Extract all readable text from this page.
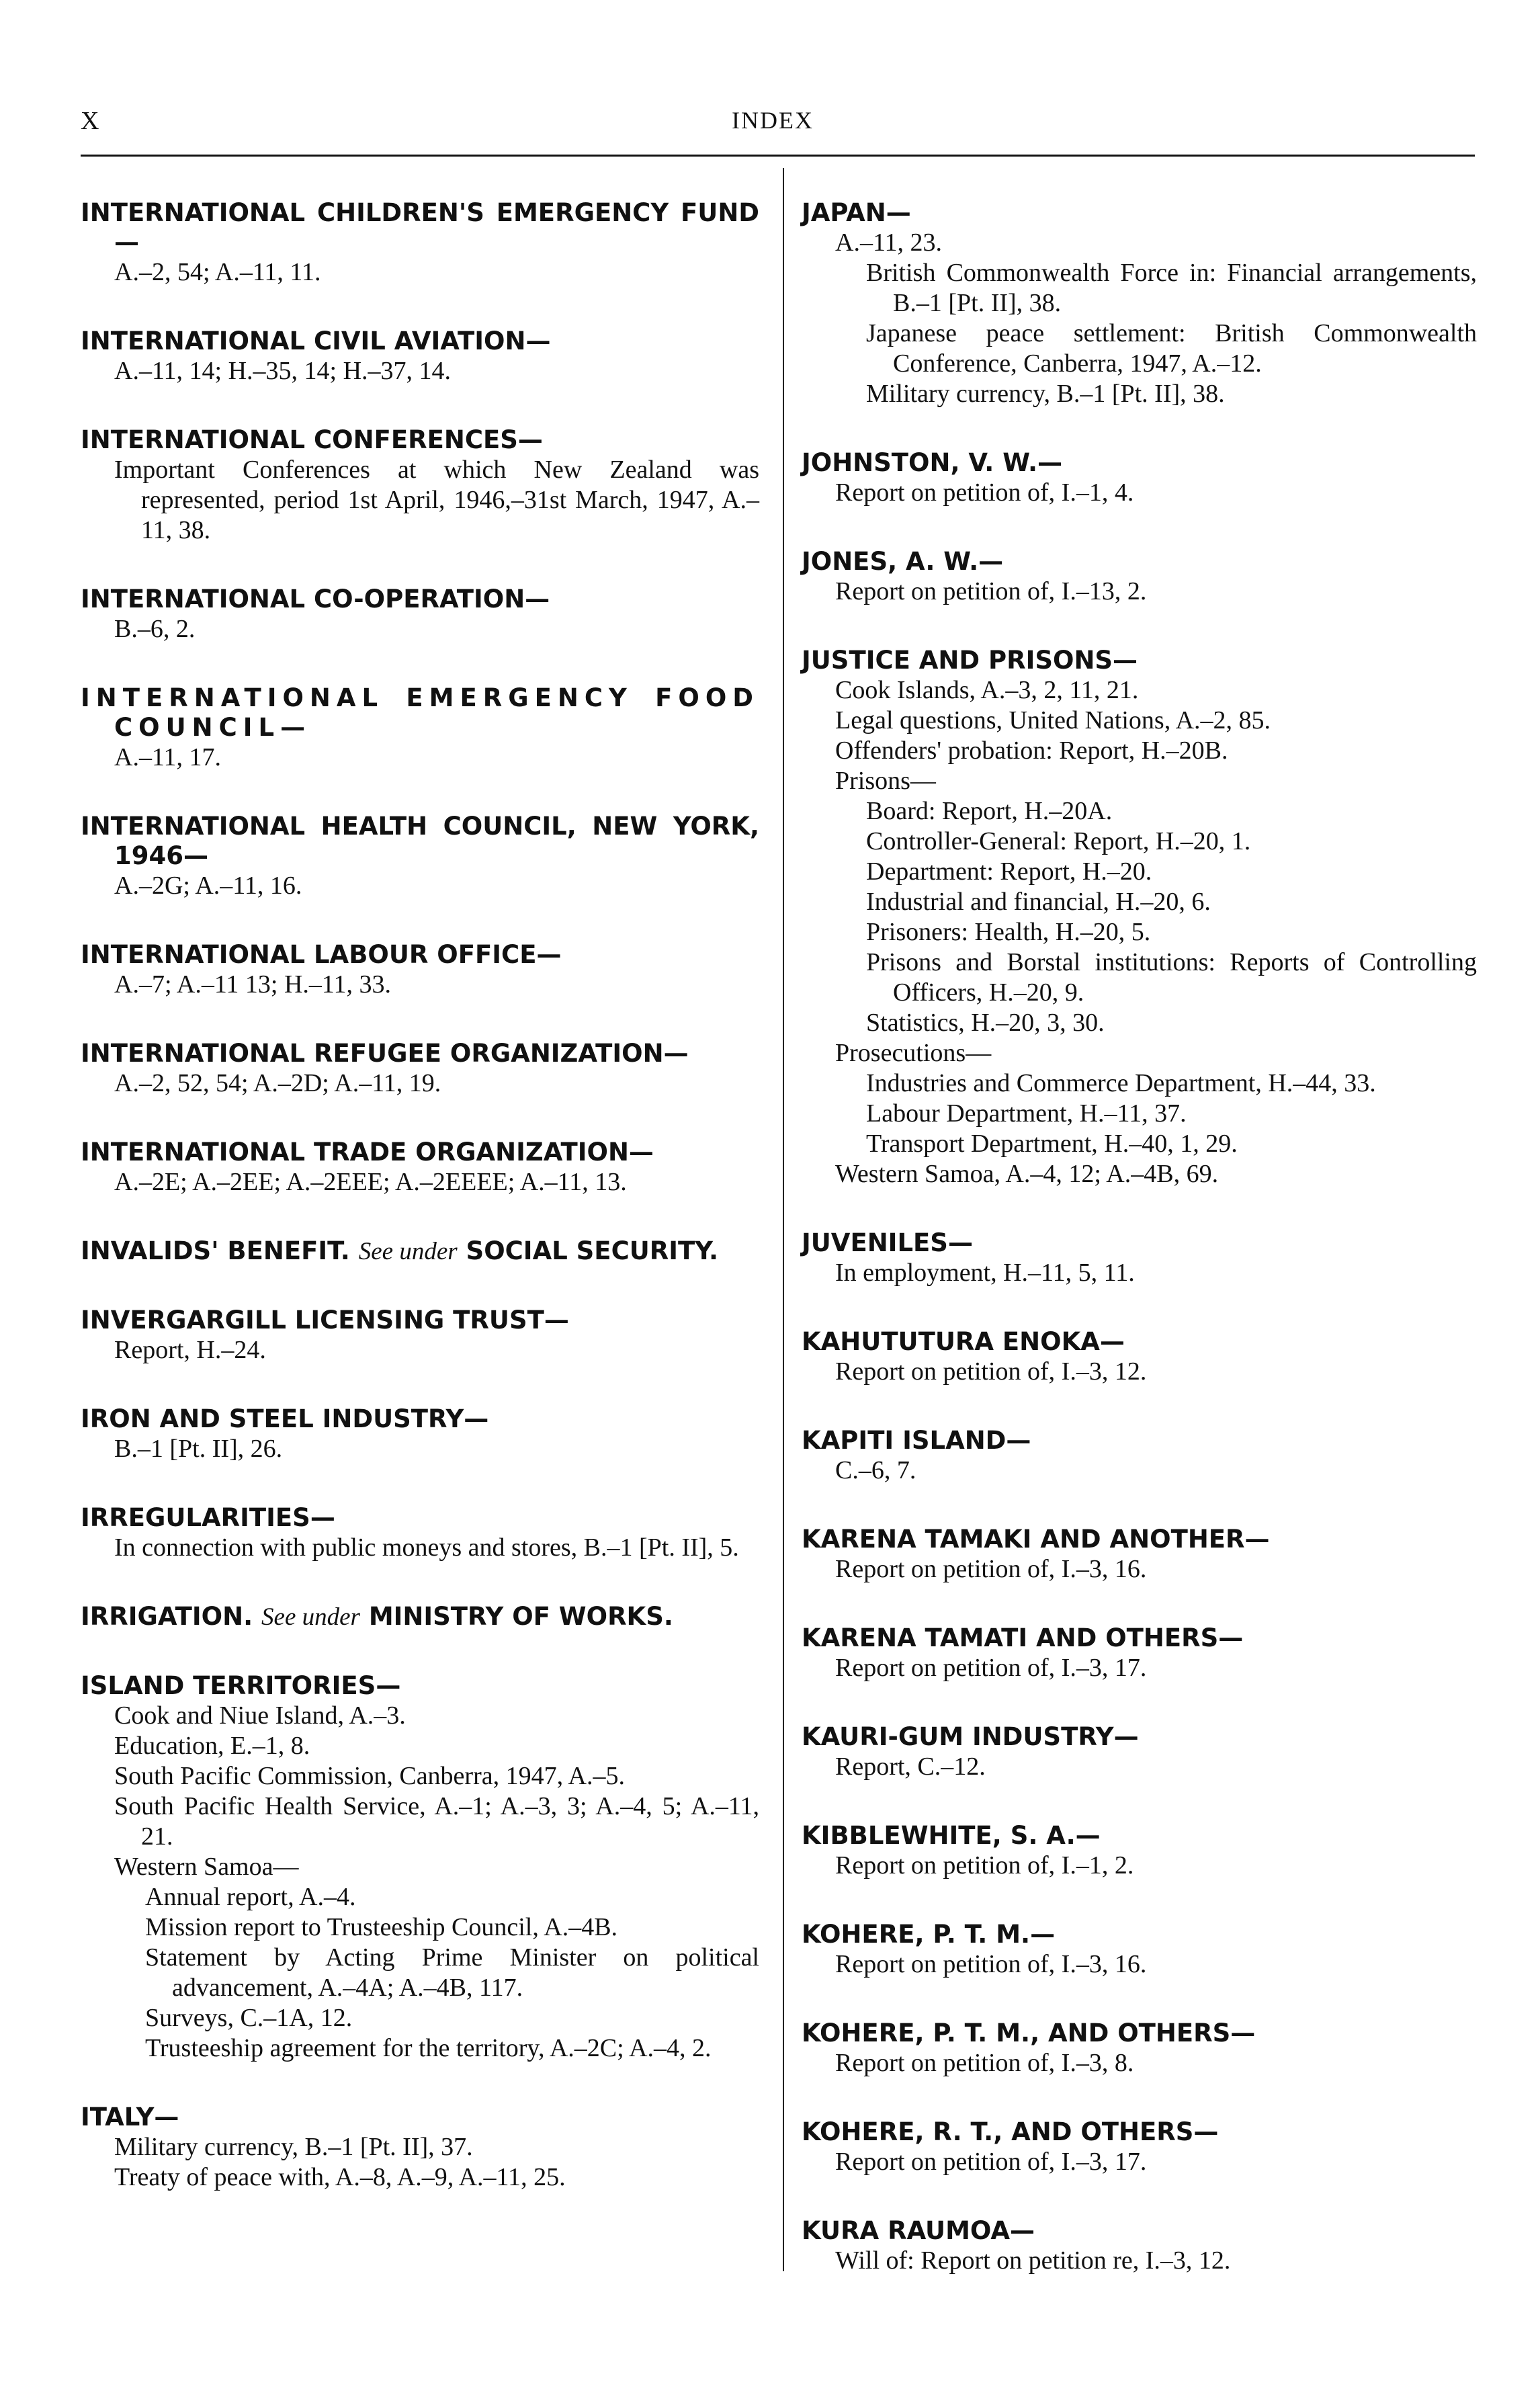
X	INDEX
INTERNATIONAL CHILDREN'S EMERGENCY FUND—
A.–2, 54; A.–11, 11.
INTERNATIONAL CIVIL AVIATION—
A.–11, 14; H.–35, 14; H.–37, 14.
INTERNATIONAL CONFERENCES—
Important Conferences at which New Zealand was represented, period 1st April, 1946,–31st March, 1947, A.–11, 38.
INTERNATIONAL CO-OPERATION—
B.–6, 2.
INTERNATIONAL EMERGENCY FOOD COUNCIL—
A.–11, 17.
INTERNATIONAL HEALTH COUNCIL, NEW YORK, 1946—
A.–2G; A.–11, 16.
INTERNATIONAL LABOUR OFFICE—
A.–7; A.–11 13; H.–11, 33.
INTERNATIONAL REFUGEE ORGANIZATION—
A.–2, 52, 54; A.–2D; A.–11, 19.
INTERNATIONAL TRADE ORGANIZATION—
A.–2E; A.–2EE; A.–2EEE; A.–2EEEE; A.–11, 13.
INVALIDS' BENEFIT. See under SOCIAL SECURITY.
INVERGARGILL LICENSING TRUST—
Report, H.–24.
IRON AND STEEL INDUSTRY—
B.–1 [Pt. II], 26.
IRREGULARITIES—
In connection with public moneys and stores, B.–1 [Pt. II], 5.
IRRIGATION. See under MINISTRY OF WORKS.
ISLAND TERRITORIES—
Cook and Niue Island, A.–3.
Education, E.–1, 8.
South Pacific Commission, Canberra, 1947, A.–5.
South Pacific Health Service, A.–1; A.–3, 3; A.–4, 5; A.–11, 21.
Western Samoa—
Annual report, A.–4.
Mission report to Trusteeship Council, A.–4B.
Statement by Acting Prime Minister on political advancement, A.–4A; A.–4B, 117.
Surveys, C.–1A, 12.
Trusteeship agreement for the territory, A.–2C; A.–4, 2.
ITALY—
Military currency, B.–1 [Pt. II], 37.
Treaty of peace with, A.–8, A.–9, A.–11, 25.
JAPAN—
A.–11, 23.
British Commonwealth Force in: Financial arrangements, B.–1 [Pt. II], 38.
Japanese peace settlement: British Commonwealth Conference, Canberra, 1947, A.–12.
Military currency, B.–1 [Pt. II], 38.
JOHNSTON, V. W.—
Report on petition of, I.–1, 4.
JONES, A. W.—
Report on petition of, I.–13, 2.
JUSTICE AND PRISONS—
Cook Islands, A.–3, 2, 11, 21.
Legal questions, United Nations, A.–2, 85.
Offenders' probation: Report, H.–20B.
Prisons—
Board: Report, H.–20A.
Controller-General: Report, H.–20, 1.
Department: Report, H.–20.
Industrial and financial, H.–20, 6.
Prisoners: Health, H.–20, 5.
Prisons and Borstal institutions: Reports of Controlling Officers, H.–20, 9.
Statistics, H.–20, 3, 30.
Prosecutions—
Industries and Commerce Department, H.–44, 33.
Labour Department, H.–11, 37.
Transport Department, H.–40, 1, 29.
Western Samoa, A.–4, 12; A.–4B, 69.
JUVENILES—
In employment, H.–11, 5, 11.
KAHUTUTURA ENOKA—
Report on petition of, I.–3, 12.
KAPITI ISLAND—
C.–6, 7.
KARENA TAMAKI AND ANOTHER—
Report on petition of, I.–3, 16.
KARENA TAMATI AND OTHERS—
Report on petition of, I.–3, 17.
KAURI-GUM INDUSTRY—
Report, C.–12.
KIBBLEWHITE, S. A.—
Report on petition of, I.–1, 2.
KOHERE, P. T. M.—
Report on petition of, I.–3, 16.
KOHERE, P. T. M., AND OTHERS—
Report on petition of, I.–3, 8.
KOHERE, R. T., AND OTHERS—
Report on petition of, I.–3, 17.
KURA RAUMOA—
Will of: Report on petition re, I.–3, 12.
